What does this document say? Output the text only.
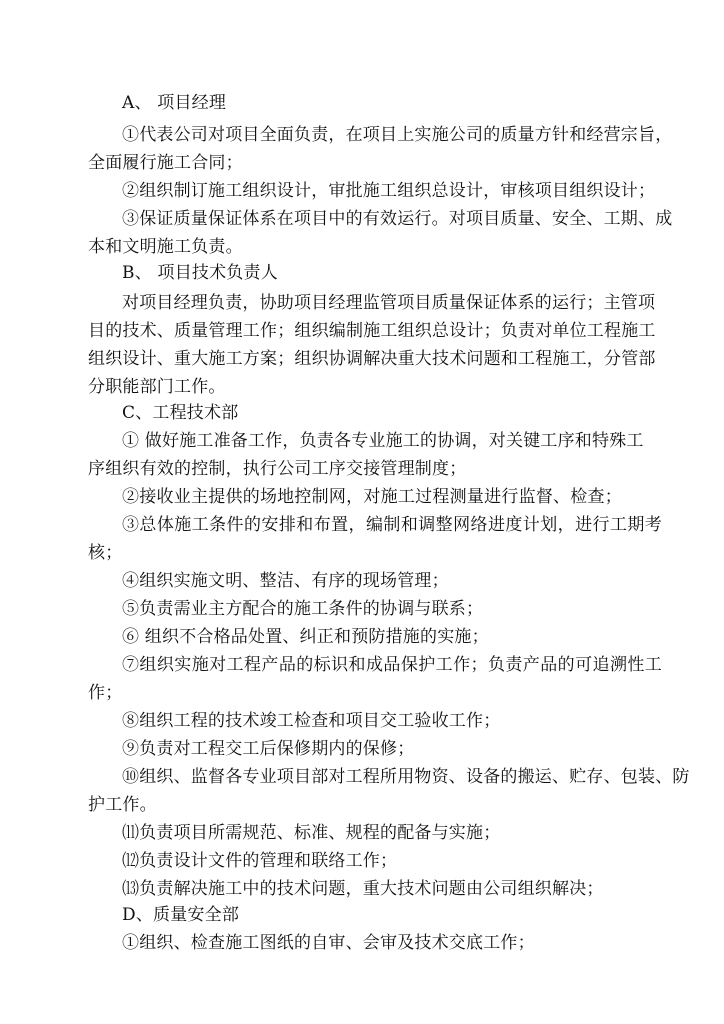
A、 项目经理
①代表公司对项目全面负责，在项目上实施公司的质量方针和经营宗旨，
全面履行施工合同；
②组织制订施工组织设计，审批施工组织总设计，审核项目组织设计；
③保证质量保证体系在项目中的有效运行。对项目质量、安全、工期、成
本和文明施工负责。
B、 项目技术负责人
对项目经理负责，协助项目经理监管项目质量保证体系的运行；主管项
目的技术、质量管理工作；组织编制施工组织总设计；负责对单位工程施工
组织设计、重大施工方案；组织协调解决重大技术问题和工程施工，分管部
分职能部门工作。
C、工程技术部
① 做好施工准备工作，负责各专业施工的协调，对关键工序和特殊工
序组织有效的控制，执行公司工序交接管理制度；
②接收业主提供的场地控制网，对施工过程测量进行监督、检查；
③总体施工条件的安排和布置，编制和调整网络进度计划，进行工期考
核；
④组织实施文明、整洁、有序的现场管理；
⑤负责需业主方配合的施工条件的协调与联系；
⑥ 组织不合格品处置、纠正和预防措施的实施；
⑦组织实施对工程产品的标识和成品保护工作；负责产品的可追溯性工
作；
⑧组织工程的技术竣工检查和项目交工验收工作；
⑨负责对工程交工后保修期内的保修；
⑩组织、监督各专业项目部对工程所用物资、设备的搬运、贮存、包装、防
护工作。
⑾负责项目所需规范、标准、规程的配备与实施；
⑿负责设计文件的管理和联络工作；
⒀负责解决施工中的技术问题，重大技术问题由公司组织解决；
D、质量安全部
①组织、检查施工图纸的自审、会审及技术交底工作；
